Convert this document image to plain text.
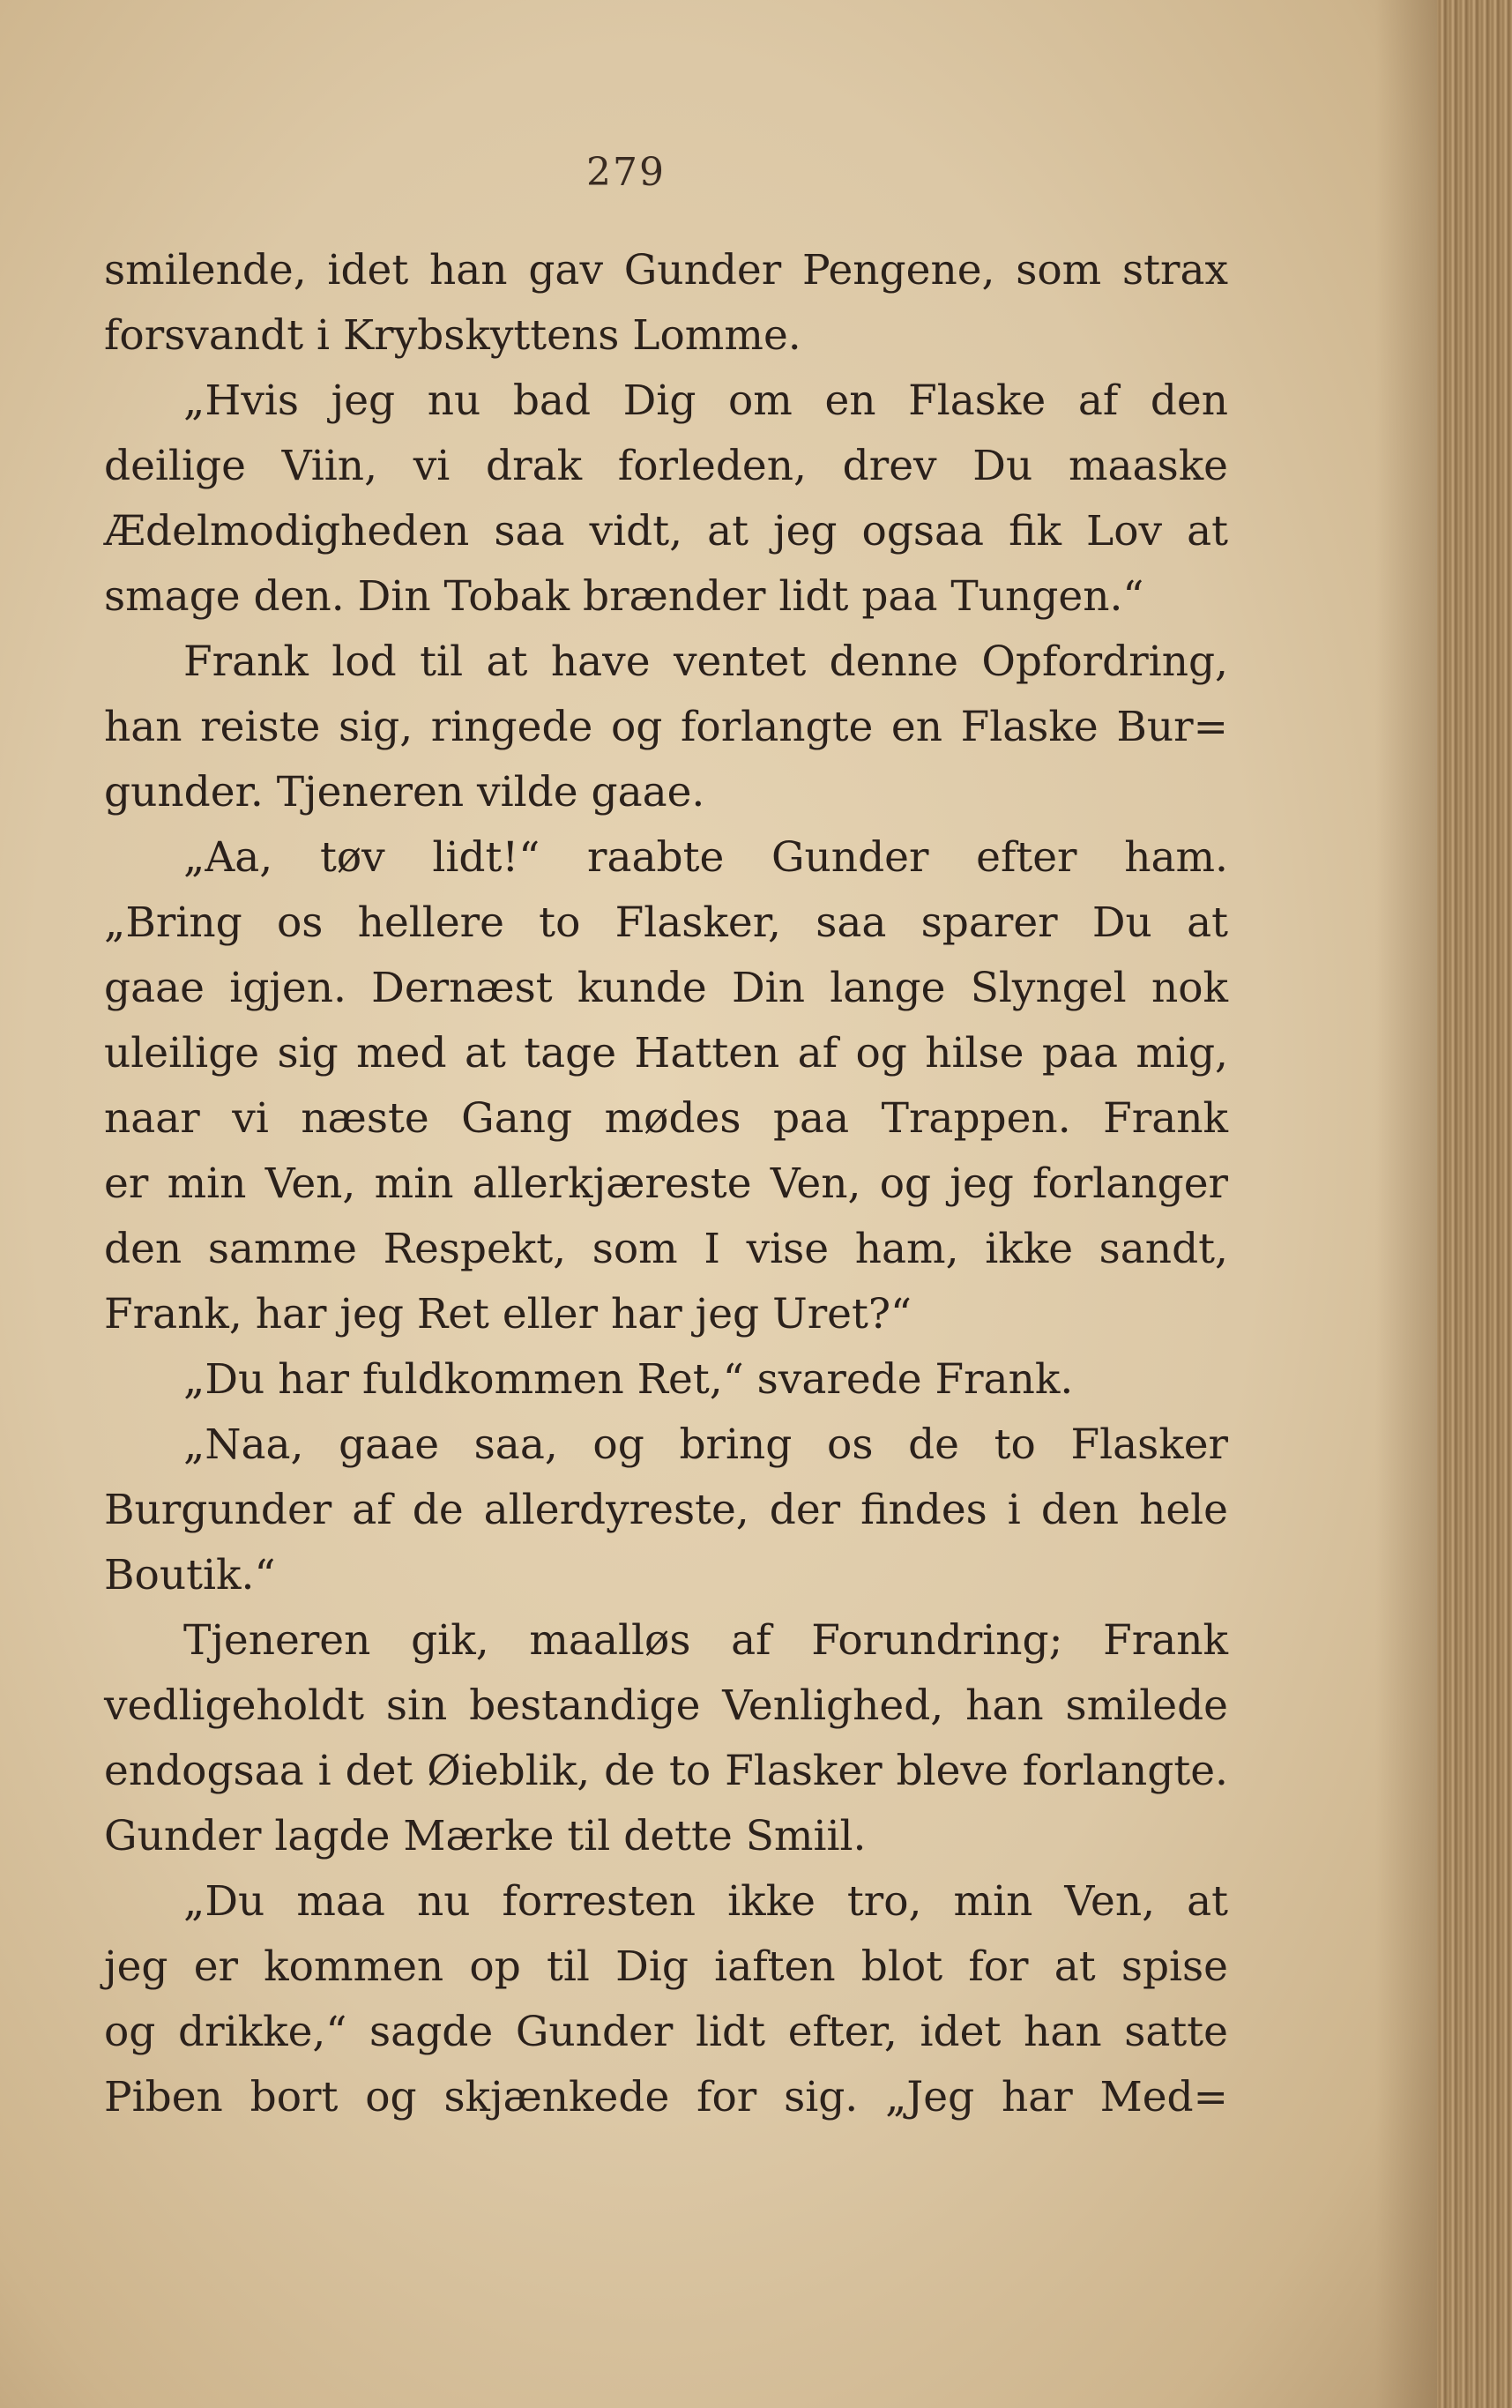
279
smilende, idet han gav Gunder Pengene, som strax
forsvandt i Krybskyttens Lomme.
„Hvis jeg nu bad Dig om en Flaske af den
deilige Viin, vi drak forleden, drev Du maaske
Ædelmodigheden saa vidt, at jeg ogsaa fik Lov at
smage den. Din Tobak brænder lidt paa Tungen.“
Frank lod til at have ventet denne Opfordring,
han reiste sig, ringede og forlangte en Flaske Bur=
gunder. Tjeneren vilde gaae.
„Aa, tøv lidt!“ raabte Gunder efter ham.
„Bring os hellere to Flasker, saa sparer Du at
gaae igjen. Dernæst kunde Din lange Slyngel nok
uleilige sig med at tage Hatten af og hilse paa mig,
naar vi næste Gang mødes paa Trappen. Frank
er min Ven, min allerkjæreste Ven, og jeg forlanger
den samme Respekt, som I vise ham, ikke sandt,
Frank, har jeg Ret eller har jeg Uret?“
„Du har fuldkommen Ret,“ svarede Frank.
„Naa, gaae saa, og bring os de to Flasker
Burgunder af de allerdyreste, der findes i den hele
Boutik.“
Tjeneren gik, maalløs af Forundring; Frank
vedligeholdt sin bestandige Venlighed, han smilede
endogsaa i det Øieblik, de to Flasker bleve forlangte.
Gunder lagde Mærke til dette Smiil.
„Du maa nu forresten ikke tro, min Ven, at
jeg er kommen op til Dig iaften blot for at spise
og drikke,“ sagde Gunder lidt efter, idet han satte
Piben bort og skjænkede for sig. „Jeg har Med=
